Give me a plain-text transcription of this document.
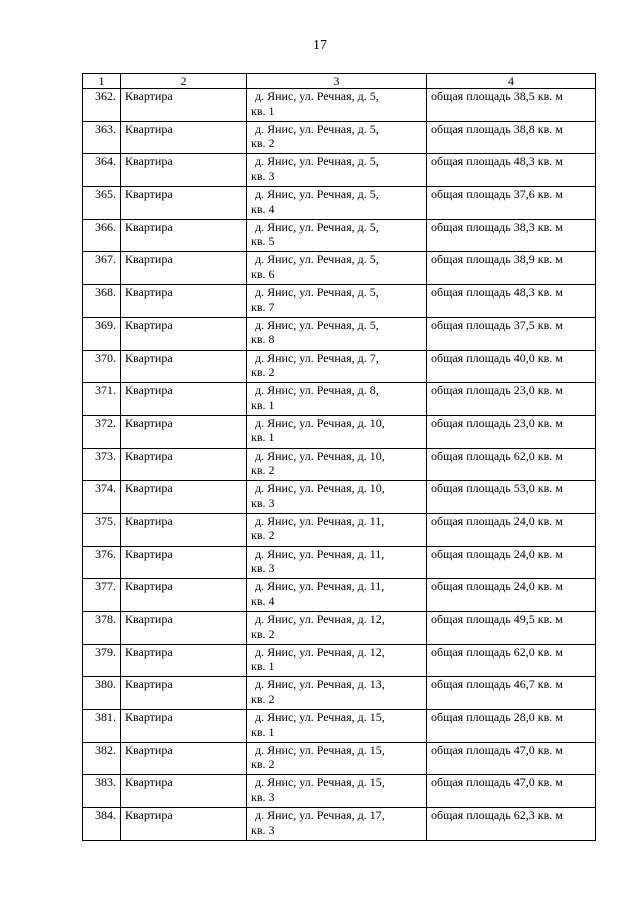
17
1	2	3	4
362.	Квартира	д. Янис, ул. Речная, д. 5,
кв. 1	общая площадь 38,5 кв. м
363.	Квартира	д. Янис, ул. Речная, д. 5,
кв. 2	общая площадь 38,8 кв. м
364.	Квартира	д. Янис, ул. Речная, д. 5,
кв. 3	общая площадь 48,3 кв. м
365.	Квартира	д. Янис, ул. Речная, д. 5,
кв. 4	общая площадь 37,6 кв. м
366.	Квартира	д. Янис, ул. Речная, д. 5,
кв. 5	общая площадь 38,3 кв. м
367.	Квартира	д. Янис, ул. Речная, д. 5,
кв. 6	общая площадь 38,9 кв. м
368.	Квартира	д. Янис, ул. Речная, д. 5,
кв. 7	общая площадь 48,3 кв. м
369.	Квартира	д. Янис, ул. Речная, д. 5,
кв. 8	общая площадь 37,5 кв. м
370.	Квартира	д. Янис, ул. Речная, д. 7,
кв. 2	общая площадь 40,0 кв. м
371.	Квартира	д. Янис, ул. Речная, д. 8,
кв. 1	общая площадь 23,0 кв. м
372.	Квартира	д. Янис, ул. Речная, д. 10,
кв. 1	общая площадь 23,0 кв. м
373.	Квартира	д. Янис, ул. Речная, д. 10,
кв. 2	общая площадь 62,0 кв. м
374.	Квартира	д. Янис, ул. Речная, д. 10,
кв. 3	общая площадь 53,0 кв. м
375.	Квартира	д. Янис, ул. Речная, д. 11,
кв. 2	общая площадь 24,0 кв. м
376.	Квартира	д. Янис, ул. Речная, д. 11,
кв. 3	общая площадь 24,0 кв. м
377.	Квартира	д. Янис, ул. Речная, д. 11,
кв. 4	общая площадь 24,0 кв. м
378.	Квартира	д. Янис, ул. Речная, д. 12,
кв. 2	общая площадь 49,5 кв. м
379.	Квартира	д. Янис, ул. Речная, д. 12,
кв. 1	общая площадь 62,0 кв. м
380.	Квартира	д. Янис, ул. Речная, д. 13,
кв. 2	общая площадь 46,7 кв. м
381.	Квартира	д. Янис, ул. Речная, д. 15,
кв. 1	общая площадь 28,0 кв. м
382.	Квартира	д. Янис, ул. Речная, д. 15,
кв. 2	общая площадь 47,0 кв. м
383.	Квартира	д. Янис, ул. Речная, д. 15,
кв. 3	общая площадь 47,0 кв. м
384.	Квартира	д. Янис, ул. Речная, д. 17,
кв. 3	общая площадь 62,3 кв. м
